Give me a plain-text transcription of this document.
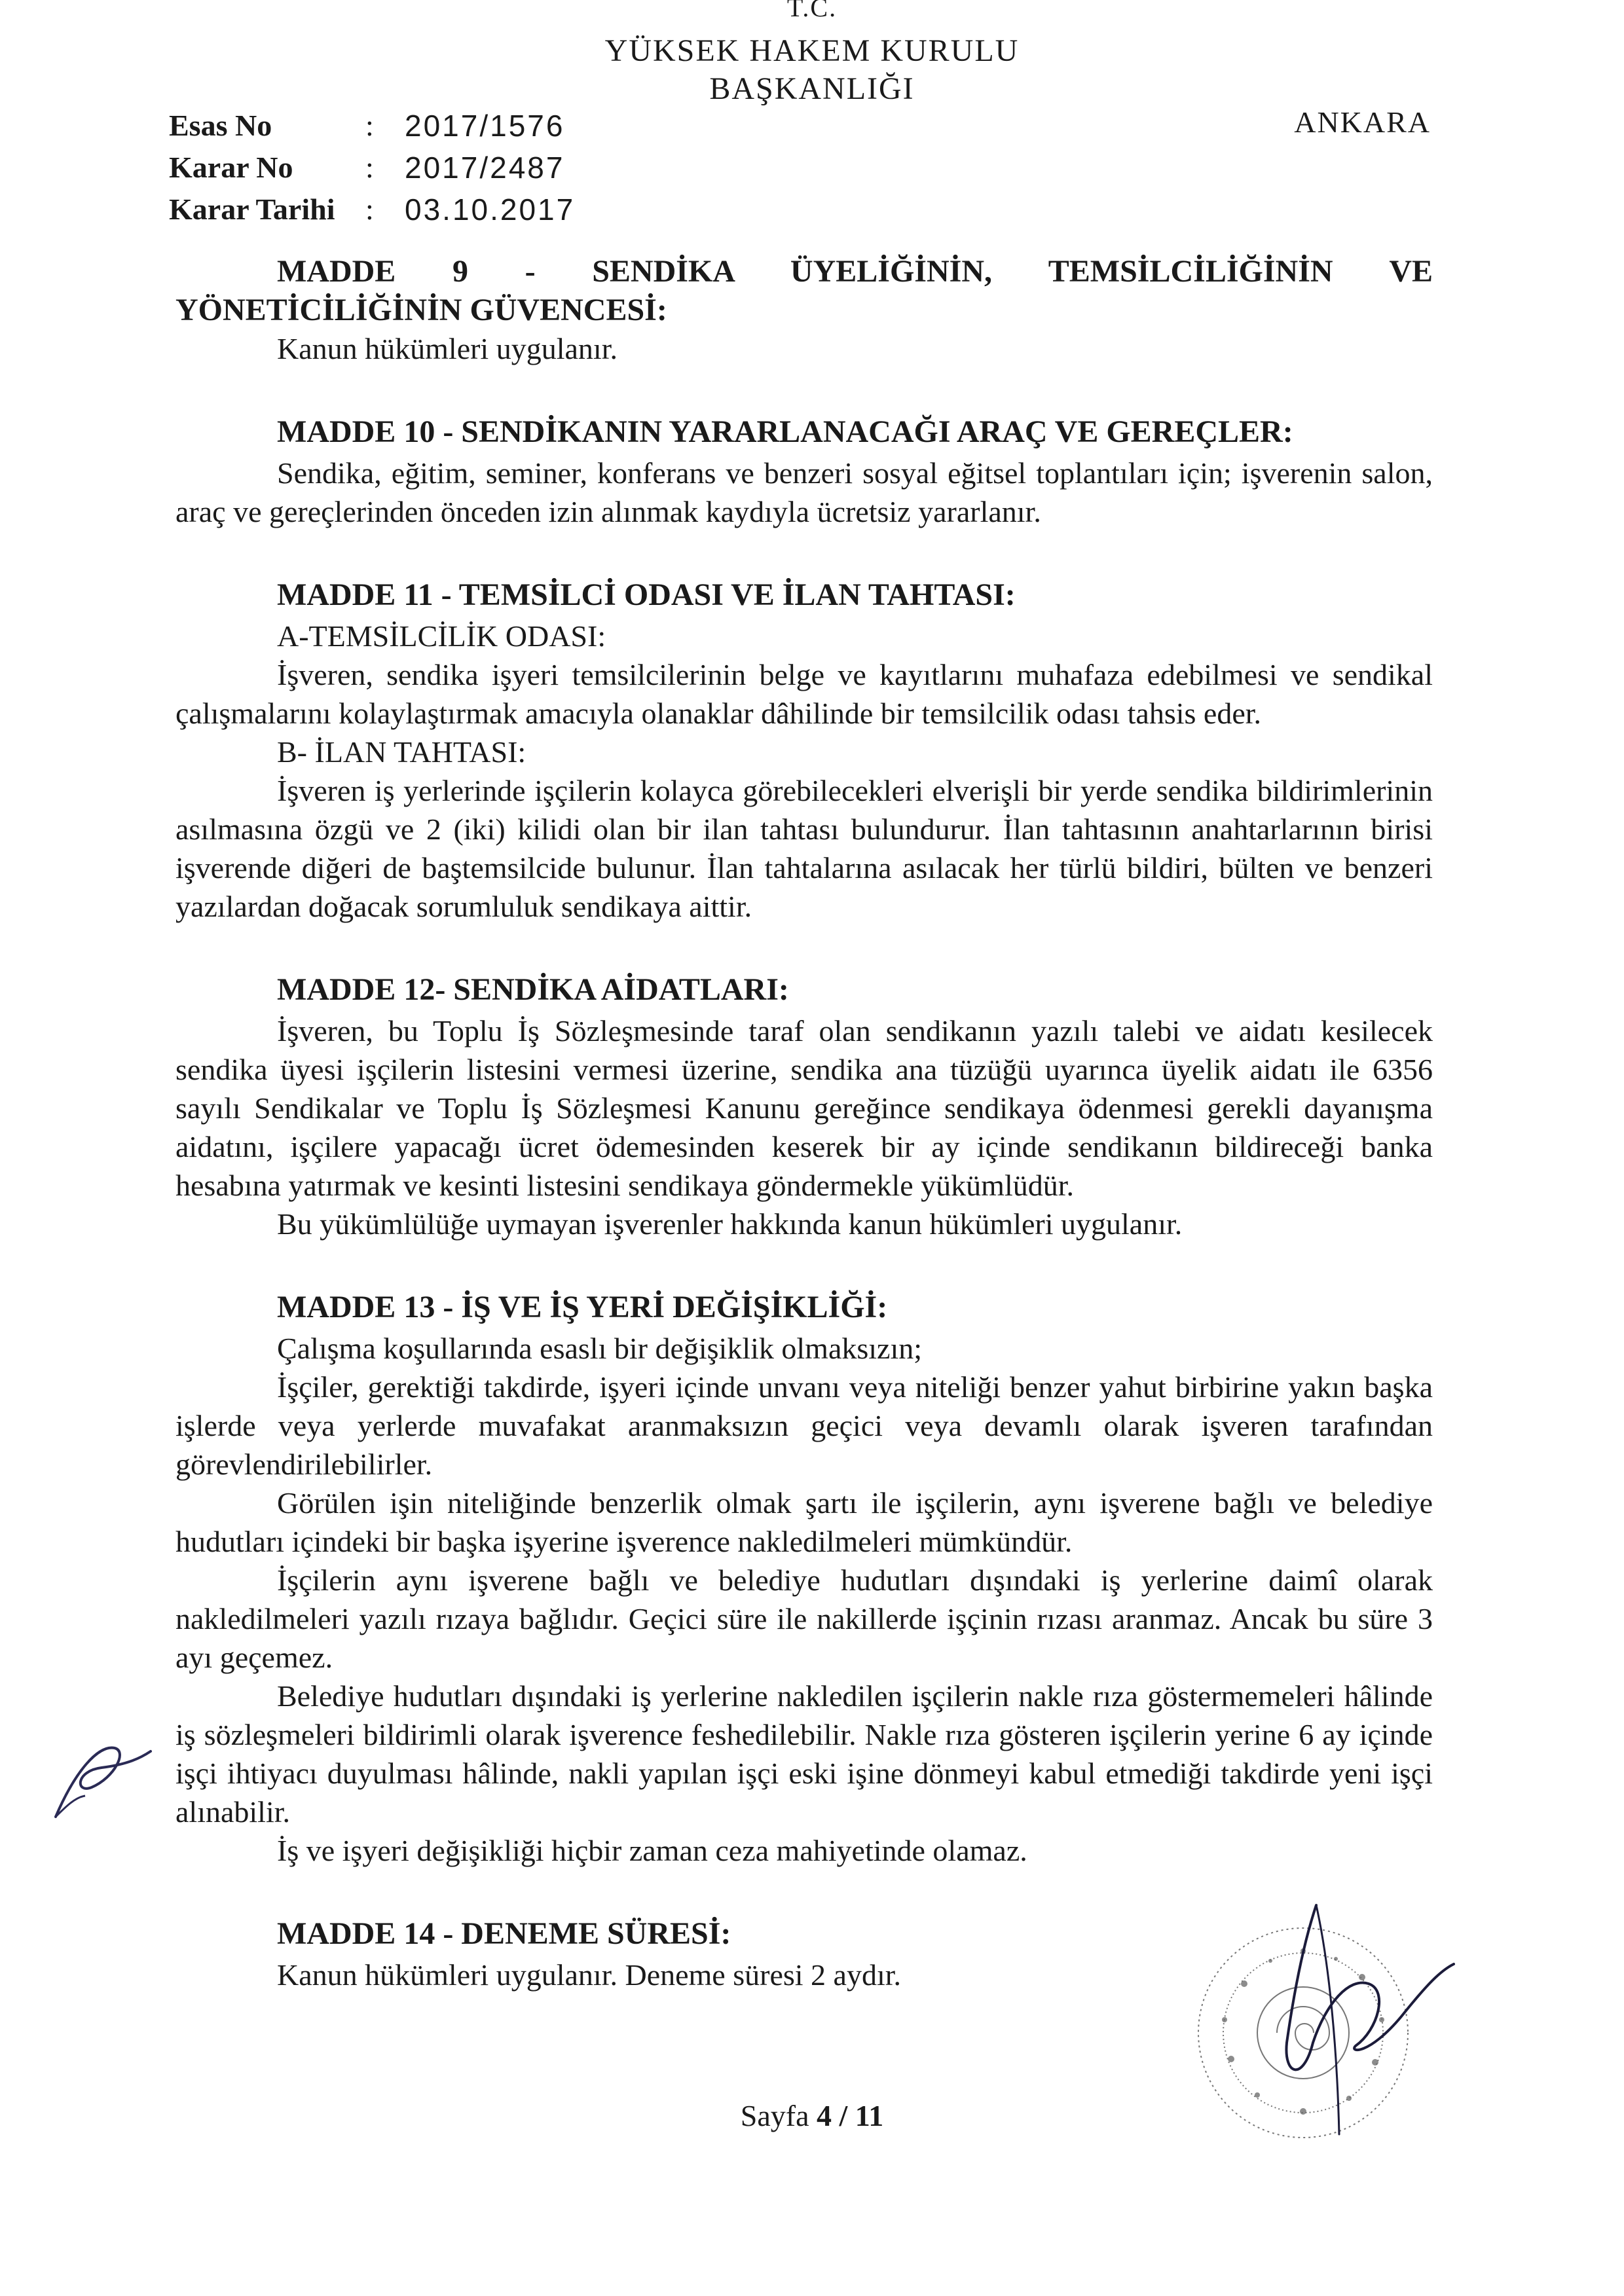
T.C.
YÜKSEK HAKEM KURULU
BAŞKANLIĞI
ANKARA
Esas No	:	2017/1576
Karar No	:	2017/2487
Karar Tarihi	:	03.10.2017
MADDE 9 - SENDİKA ÜYELİĞİNİN, TEMSİLCİLİĞİNİN VE
YÖNETİCİLİĞİNİN GÜVENCESİ:

Kanun hükümleri uygulanır.

MADDE 10 - SENDİKANIN YARARLANACAĞI ARAÇ VE GEREÇLER:

Sendika, eğitim, seminer, konferans ve benzeri sosyal eğitsel toplantıları için; işverenin salon, araç ve gereçlerinden önceden izin alınmak kaydıyla ücretsiz yararlanır.

MADDE 11 - TEMSİLCİ ODASI VE İLAN TAHTASI:

A-TEMSİLCİLİK ODASI:

İşveren, sendika işyeri temsilcilerinin belge ve kayıtlarını muhafaza edebilmesi ve sendikal çalışmalarını kolaylaştırmak amacıyla olanaklar dâhilinde bir temsilcilik odası tahsis eder.

B- İLAN TAHTASI:

İşveren iş yerlerinde işçilerin kolayca görebilecekleri elverişli bir yerde sendika bildirimlerinin asılmasına özgü ve 2 (iki) kilidi olan bir ilan tahtası bulundurur. İlan tahtasının anahtarlarının birisi işverende diğeri de baştemsilcide bulunur. İlan tahtalarına asılacak her türlü bildiri, bülten ve benzeri yazılardan doğacak sorumluluk sendikaya aittir.

MADDE 12- SENDİKA AİDATLARI:

İşveren, bu Toplu İş Sözleşmesinde taraf olan sendikanın yazılı talebi ve aidatı kesilecek sendika üyesi işçilerin listesini vermesi üzerine, sendika ana tüzüğü uyarınca üyelik aidatı ile 6356 sayılı Sendikalar ve Toplu İş Sözleşmesi Kanunu gereğince sendikaya ödenmesi gerekli dayanışma aidatını, işçilere yapacağı ücret ödemesinden keserek bir ay içinde sendikanın bildireceği banka hesabına yatırmak ve kesinti listesini sendikaya göndermekle yükümlüdür.

Bu yükümlülüğe uymayan işverenler hakkında kanun hükümleri uygulanır.

MADDE 13 - İŞ VE İŞ YERİ DEĞİŞİKLİĞİ:

Çalışma koşullarında esaslı bir değişiklik olmaksızın;

İşçiler, gerektiği takdirde, işyeri içinde unvanı veya niteliği benzer yahut birbirine yakın başka işlerde veya yerlerde muvafakat aranmaksızın geçici veya devamlı olarak işveren tarafından görevlendirilebilirler.

Görülen işin niteliğinde benzerlik olmak şartı ile işçilerin, aynı işverene bağlı ve belediye hudutları içindeki bir başka işyerine işverence nakledilmeleri mümkündür.

İşçilerin aynı işverene bağlı ve belediye hudutları dışındaki iş yerlerine daimî olarak nakledilmeleri yazılı rızaya bağlıdır. Geçici süre ile nakillerde işçinin rızası aranmaz. Ancak bu süre 3 ayı geçemez.

Belediye hudutları dışındaki iş yerlerine nakledilen işçilerin nakle rıza göstermemeleri hâlinde iş sözleşmeleri bildirimli olarak işverence feshedilebilir. Nakle rıza gösteren işçilerin yerine 6 ay içinde işçi ihtiyacı duyulması hâlinde, nakli yapılan işçi eski işine dönmeyi kabul etmediği takdirde yeni işçi alınabilir.

İş ve işyeri değişikliği hiçbir zaman ceza mahiyetinde olamaz.

MADDE 14 - DENEME SÜRESİ:

Kanun hükümleri uygulanır. Deneme süresi 2 aydır.

Sayfa 4 / 11
